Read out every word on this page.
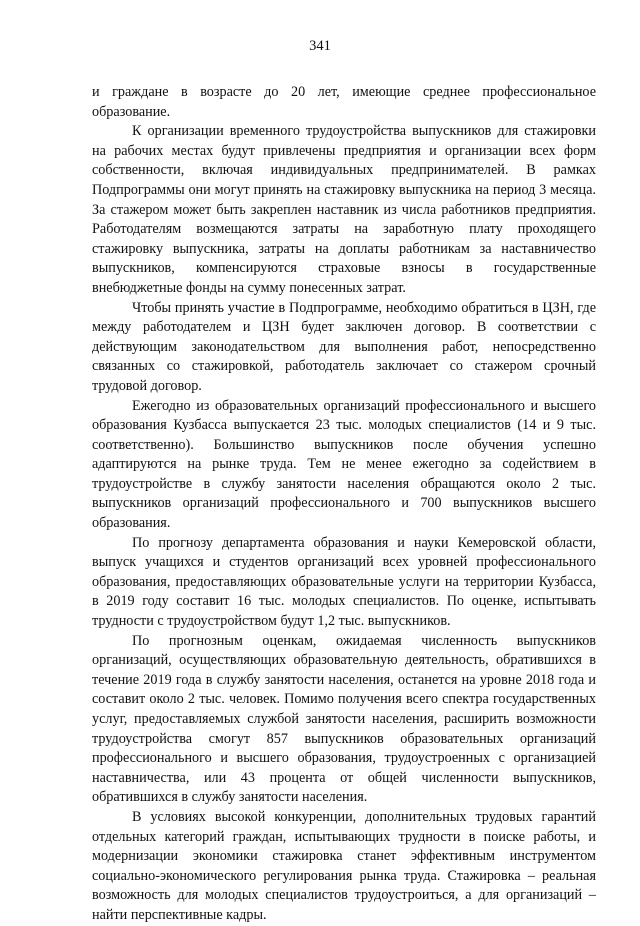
341

и граждане в возрасте до 20 лет, имеющие среднее профессиональное образование.

К организации временного трудоустройства выпускников для стажировки на рабочих местах будут привлечены предприятия и организации всех форм собственности, включая индивидуальных предпринимателей. В рамках Подпрограммы они могут принять на стажировку выпускника на период 3 месяца. За стажером может быть закреплен наставник из числа работников предприятия. Работодателям возмещаются затраты на заработную плату проходящего стажировку выпускника, затраты на доплаты работникам за наставничество выпускников, компенсируются страховые взносы в государственные внебюджетные фонды на сумму понесенных затрат.

Чтобы принять участие в Подпрограмме, необходимо обратиться в ЦЗН, где между работодателем и ЦЗН будет заключен договор. В соответствии с действующим законодательством для выполнения работ, непосредственно связанных со стажировкой, работодатель заключает со стажером срочный трудовой договор.

Ежегодно из образовательных организаций профессионального и высшего образования Кузбасса выпускается 23 тыс. молодых специалистов (14 и 9 тыс. соответственно). Большинство выпускников после обучения успешно адаптируются на рынке труда. Тем не менее ежегодно за содействием в трудоустройстве в службу занятости населения обращаются около 2 тыс. выпускников организаций профессионального и 700 выпускников высшего образования.

По прогнозу департамента образования и науки Кемеровской области, выпуск учащихся и студентов организаций всех уровней профессионального образования, предоставляющих образовательные услуги на территории Кузбасса, в 2019 году составит 16 тыс. молодых специалистов. По оценке, испытывать трудности с трудоустройством будут 1,2 тыс. выпускников.

По прогнозным оценкам, ожидаемая численность выпускников организаций, осуществляющих образовательную деятельность, обратившихся в течение 2019 года в службу занятости населения, останется на уровне 2018 года и составит около 2 тыс. человек. Помимо получения всего спектра государственных услуг, предоставляемых службой занятости населения, расширить возможности трудоустройства смогут 857 выпускников образовательных организаций профессионального и высшего образования, трудоустроенных с организацией наставничества, или 43 процента от общей численности выпускников, обратившихся в службу занятости населения.

В условиях высокой конкуренции, дополнительных трудовых гарантий отдельных категорий граждан, испытывающих трудности в поиске работы, и модернизации экономики стажировка станет эффективным инструментом социально-экономического регулирования рынка труда. Стажировка – реальная возможность для молодых специалистов трудоустроиться, а для организаций – найти перспективные кадры.
